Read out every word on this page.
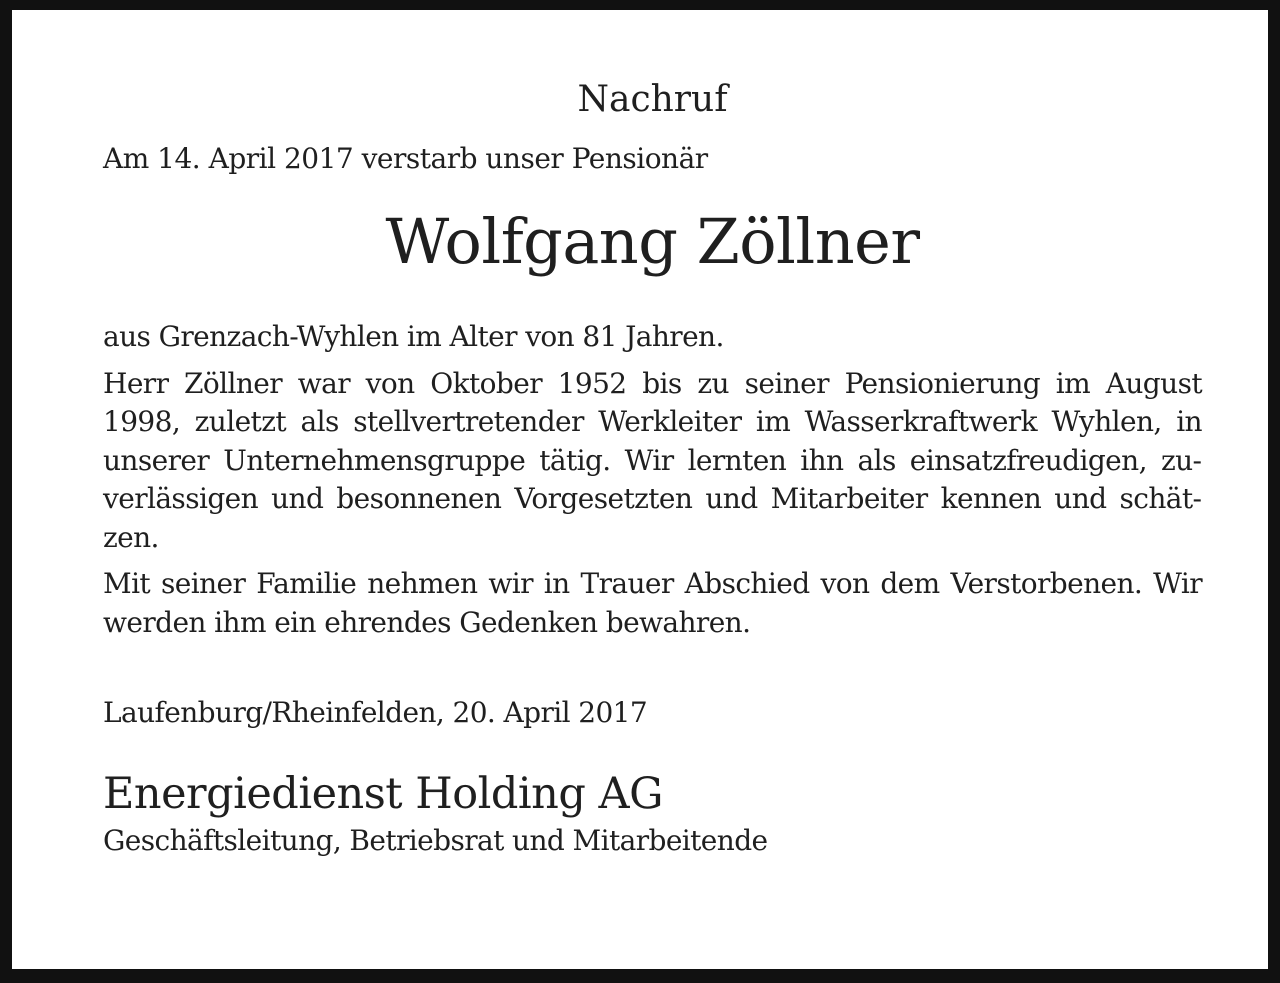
Nachruf

Am 14. April 2017 verstarb unser Pensionär

Wolfgang Zöllner

aus Grenzach-Wyhlen im Alter von 81 Jahren.

Herr Zöllner war von Oktober 1952 bis zu seiner Pensionierung im August 1998, zuletzt als stellvertretender Werkleiter im Wasserkraftwerk Wyhlen, in unserer Unternehmensgruppe tätig. Wir lernten ihn als einsatzfreudigen, zuverlässigen und besonnenen Vorgesetzten und Mitarbeiter kennen und schätzen.

Mit seiner Familie nehmen wir in Trauer Abschied von dem Verstorbenen. Wir werden ihm ein ehrendes Gedenken bewahren.

Laufenburg/Rheinfelden, 20. April 2017

Energiedienst Holding AG

Geschäftsleitung, Betriebsrat und Mitarbeitende
